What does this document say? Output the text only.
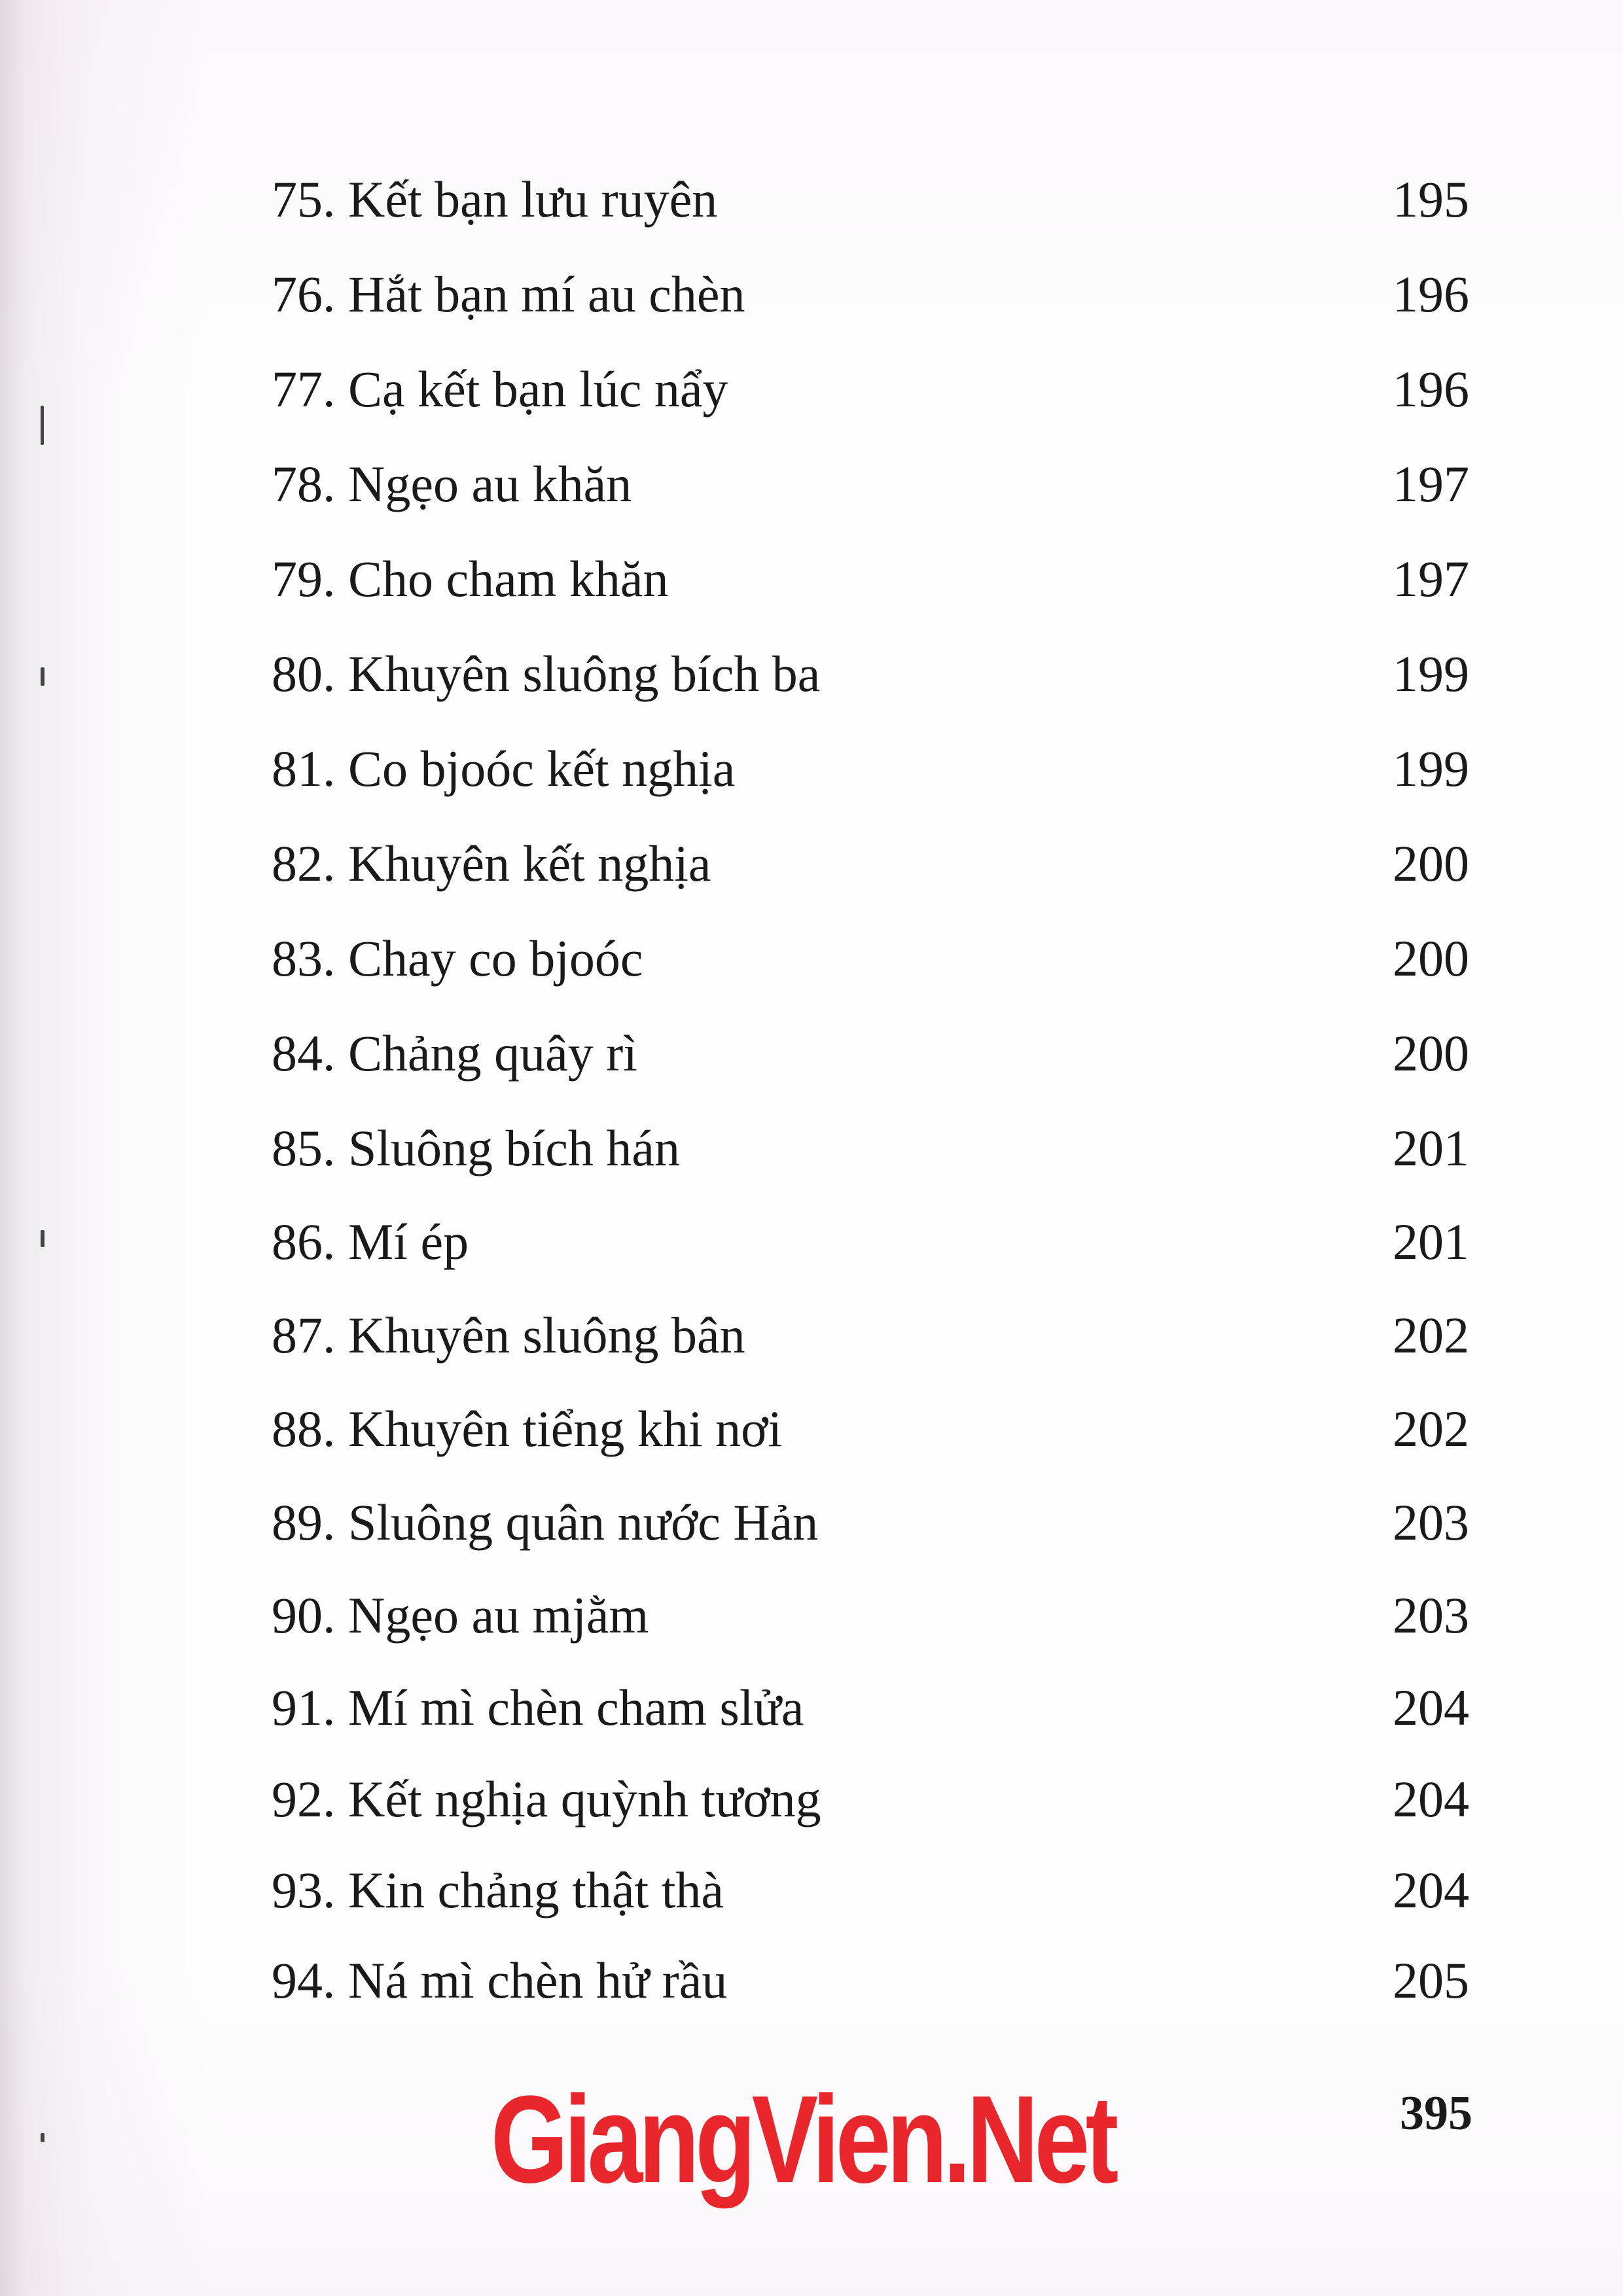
75. Kết bạn lưu ruyên	195
76. Hắt bạn mí au chèn	196
77. Cạ kết bạn lúc nẩy	196
78. Ngẹo au khăn	197
79. Cho cham khăn	197
80. Khuyên sluông bích ba	199
81. Co bjoóc kết nghịa	199
82. Khuyên kết nghịa	200
83. Chay co bjoóc	200
84. Chảng quây rì	200
85. Sluông bích hán	201
86. Mí ép	201
87. Khuyên sluông bân	202
88. Khuyên tiểng khi nơi	202
89. Sluông quân nước Hản	203
90. Ngẹo au mjằm	203
91. Mí mì chèn cham slửa	204
92. Kết nghịa quỳnh tương	204
93. Kin chảng thật thà	204
94. Ná mì chèn hử rầu	205
GiangVien.Net	395
